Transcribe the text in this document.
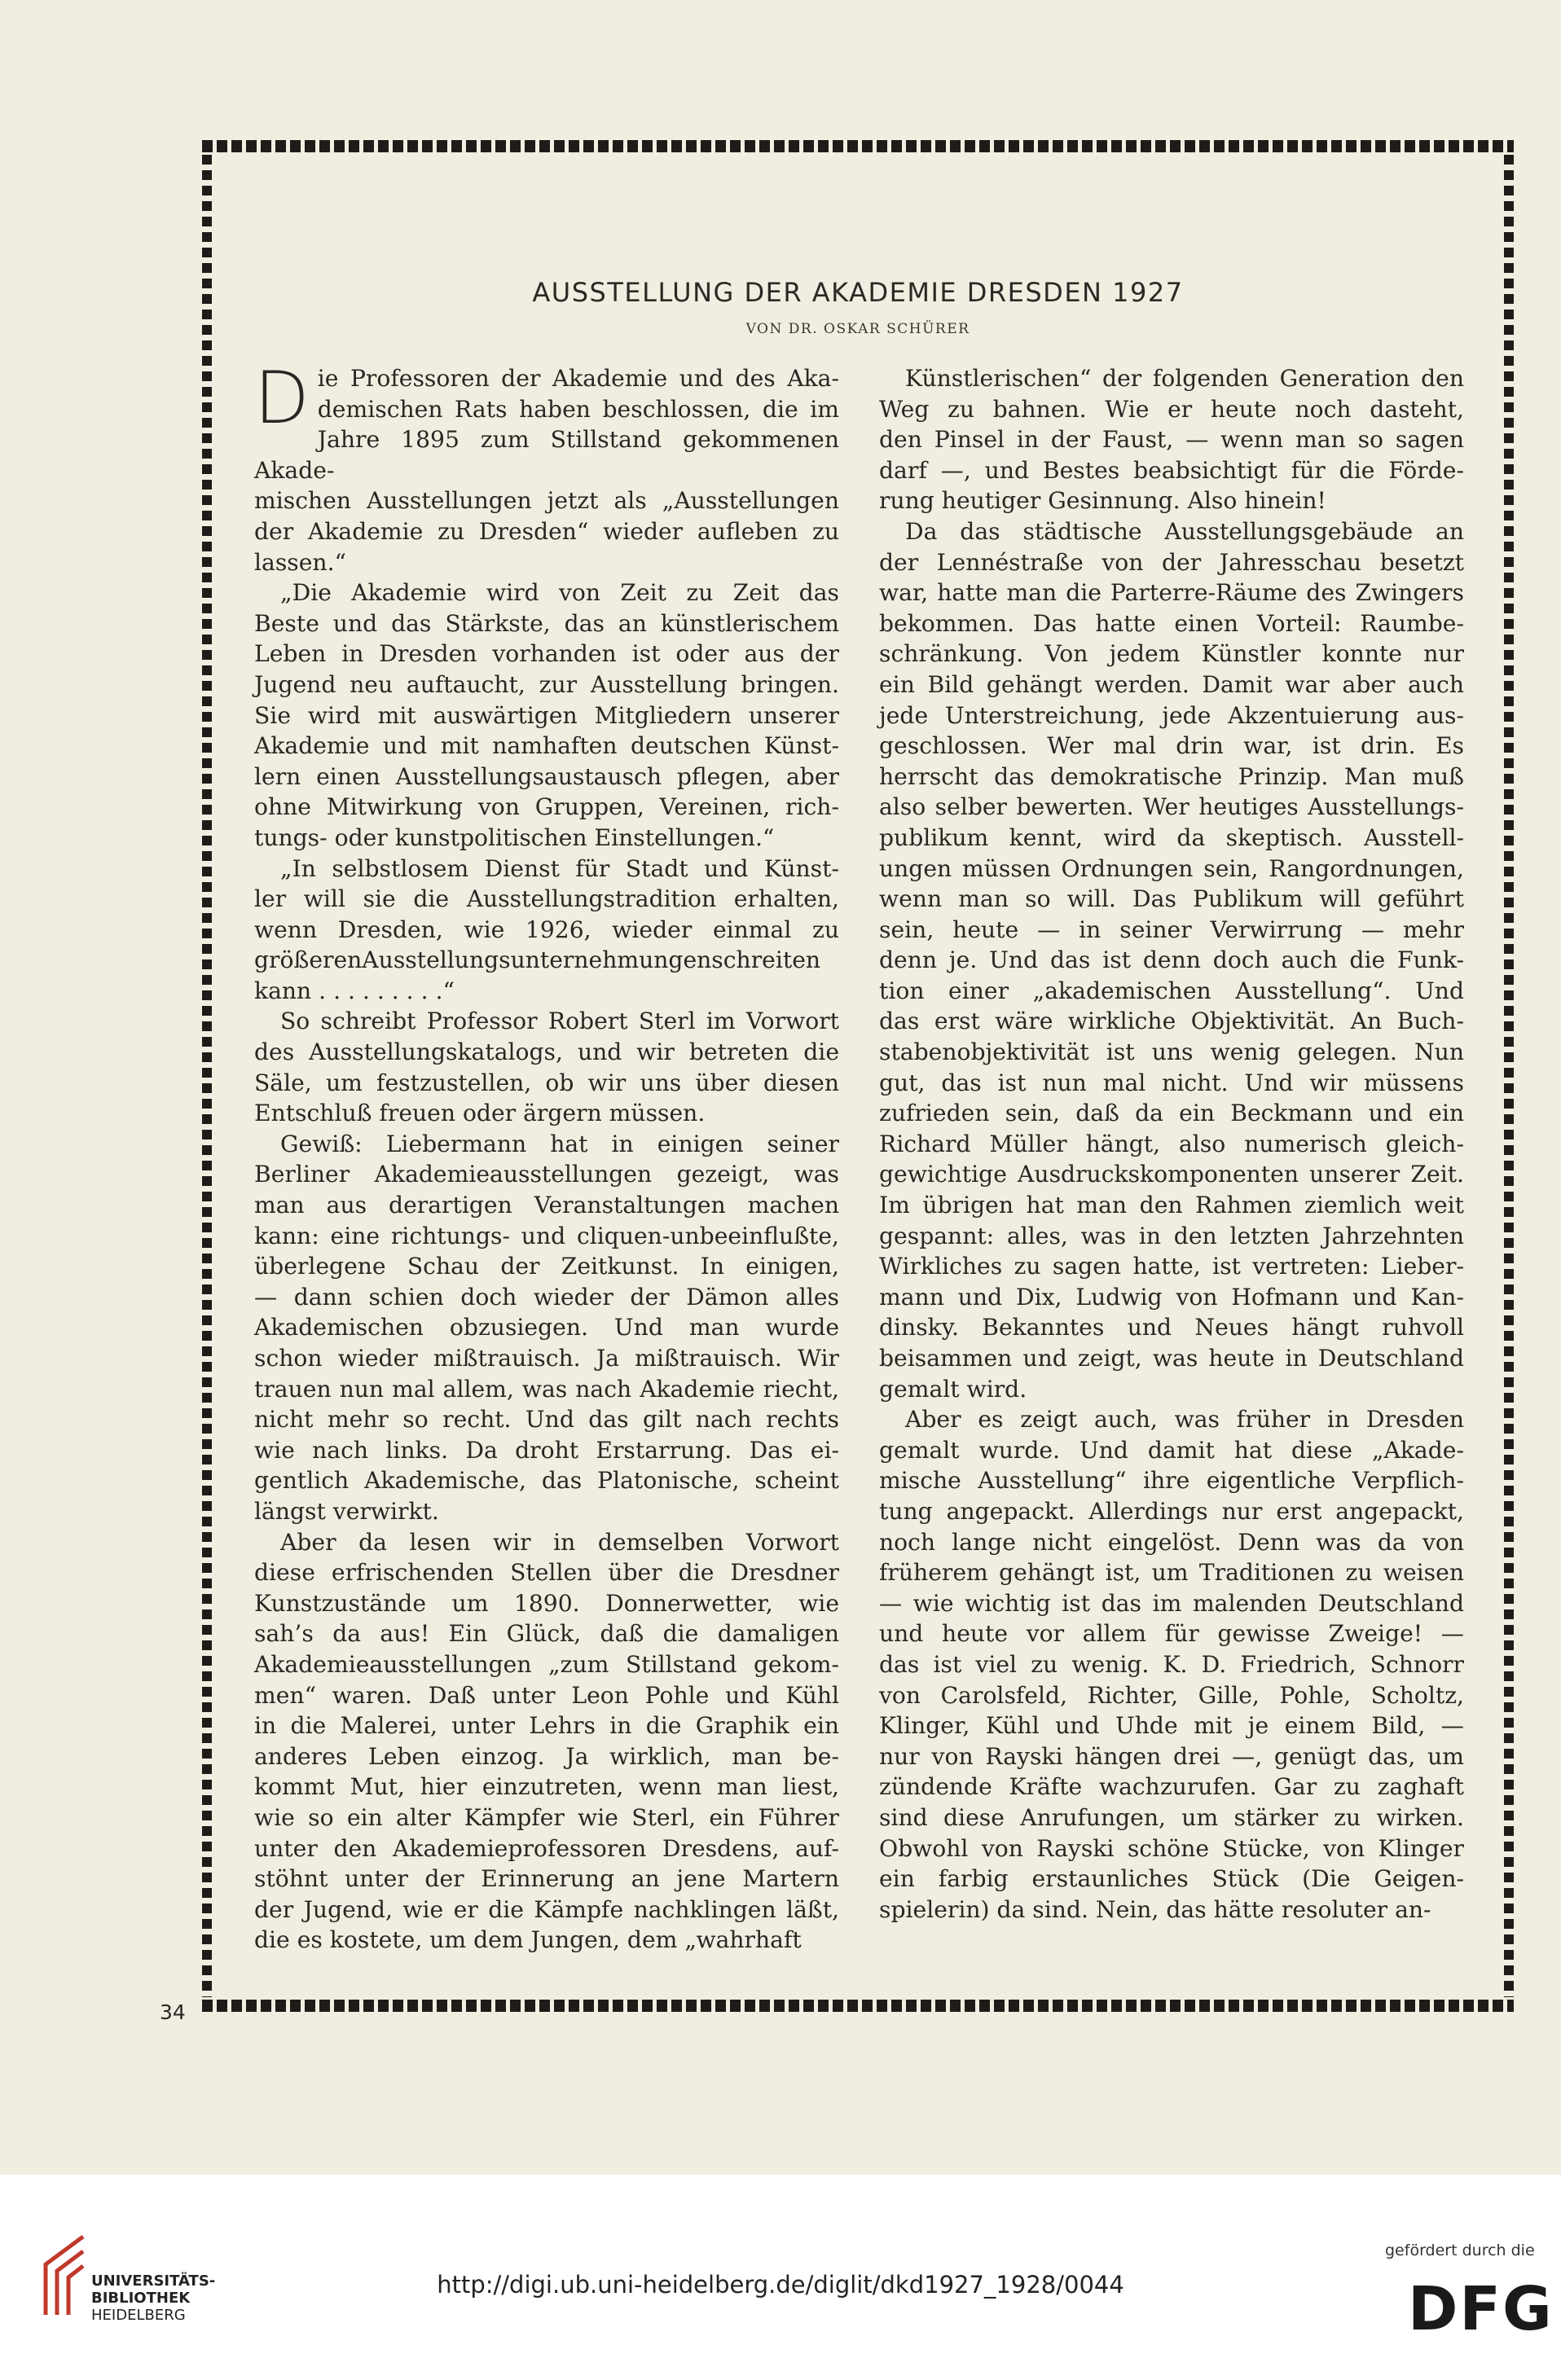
34
AUSSTELLUNG DER AKADEMIE DRESDEN 1927
VON DR. OSKAR SCHÜRER
D ie Professoren der Akademie und des Aka-
demischen Rats haben beschlossen, die im
Jahre 1895 zum Stillstand gekommenen Akade-
mischen Ausstellungen jetzt als „Ausstellungen
der Akademie zu Dresden“ wieder aufleben zu
lassen.“
„Die Akademie wird von Zeit zu Zeit das
Beste und das Stärkste, das an künstlerischem
Leben in Dresden vorhanden ist oder aus der
Jugend neu auftaucht, zur Ausstellung bringen.
Sie wird mit auswärtigen Mitgliedern unserer
Akademie und mit namhaften deutschen Künst-
lern einen Ausstellungsaustausch pflegen, aber
ohne Mitwirkung von Gruppen, Vereinen, rich-
tungs- oder kunstpolitischen Einstellungen.“
„In selbstlosem Dienst für Stadt und Künst-
ler will sie die Ausstellungstradition erhalten,
wenn Dresden, wie 1926, wieder einmal zu
größerenAusstellungsunternehmungenschreiten
kann . . . . . . . . .“
So schreibt Professor Robert Sterl im Vorwort
des Ausstellungskatalogs, und wir betreten die
Säle, um festzustellen, ob wir uns über diesen
Entschluß freuen oder ärgern müssen.
Gewiß: Liebermann hat in einigen seiner
Berliner Akademieausstellungen gezeigt, was
man aus derartigen Veranstaltungen machen
kann: eine richtungs- und cliquen-unbeeinflußte,
überlegene Schau der Zeitkunst. In einigen,
— dann schien doch wieder der Dämon alles
Akademischen obzusiegen. Und man wurde
schon wieder mißtrauisch. Ja mißtrauisch. Wir
trauen nun mal allem, was nach Akademie riecht,
nicht mehr so recht. Und das gilt nach rechts
wie nach links. Da droht Erstarrung. Das ei-
gentlich Akademische, das Platonische, scheint
längst verwirkt.
Aber da lesen wir in demselben Vorwort
diese erfrischenden Stellen über die Dresdner
Kunstzustände um 1890. Donnerwetter, wie
sah’s da aus! Ein Glück, daß die damaligen
Akademieausstellungen „zum Stillstand gekom-
men“ waren. Daß unter Leon Pohle und Kühl
in die Malerei, unter Lehrs in die Graphik ein
anderes Leben einzog. Ja wirklich, man be-
kommt Mut, hier einzutreten, wenn man liest,
wie so ein alter Kämpfer wie Sterl, ein Führer
unter den Akademieprofessoren Dresdens, auf-
stöhnt unter der Erinnerung an jene Martern
der Jugend, wie er die Kämpfe nachklingen läßt,
die es kostete, um dem Jungen, dem „wahrhaft
Künstlerischen“ der folgenden Generation den
Weg zu bahnen. Wie er heute noch dasteht,
den Pinsel in der Faust, — wenn man so sagen
darf —, und Bestes beabsichtigt für die Förde-
rung heutiger Gesinnung. Also hinein!
Da das städtische Ausstellungsgebäude an
der Lennéstraße von der Jahresschau besetzt
war, hatte man die Parterre-Räume des Zwingers
bekommen. Das hatte einen Vorteil: Raumbe-
schränkung. Von jedem Künstler konnte nur
ein Bild gehängt werden. Damit war aber auch
jede Unterstreichung, jede Akzentuierung aus-
geschlossen. Wer mal drin war, ist drin. Es
herrscht das demokratische Prinzip. Man muß
also selber bewerten. Wer heutiges Ausstellungs-
publikum kennt, wird da skeptisch. Ausstell-
ungen müssen Ordnungen sein, Rangordnungen,
wenn man so will. Das Publikum will geführt
sein, heute — in seiner Verwirrung — mehr
denn je. Und das ist denn doch auch die Funk-
tion einer „akademischen Ausstellung“. Und
das erst wäre wirkliche Objektivität. An Buch-
stabenobjektivität ist uns wenig gelegen. Nun
gut, das ist nun mal nicht. Und wir müssens
zufrieden sein, daß da ein Beckmann und ein
Richard Müller hängt, also numerisch gleich-
gewichtige Ausdruckskomponenten unserer Zeit.
Im übrigen hat man den Rahmen ziemlich weit
gespannt: alles, was in den letzten Jahrzehnten
Wirkliches zu sagen hatte, ist vertreten: Lieber-
mann und Dix, Ludwig von Hofmann und Kan-
dinsky. Bekanntes und Neues hängt ruhvoll
beisammen und zeigt, was heute in Deutschland
gemalt wird.
Aber es zeigt auch, was früher in Dresden
gemalt wurde. Und damit hat diese „Akade-
mische Ausstellung“ ihre eigentliche Verpflich-
tung angepackt. Allerdings nur erst angepackt,
noch lange nicht eingelöst. Denn was da von
früherem gehängt ist, um Traditionen zu weisen
— wie wichtig ist das im malenden Deutschland
und heute vor allem für gewisse Zweige! —
das ist viel zu wenig. K. D. Friedrich, Schnorr
von Carolsfeld, Richter, Gille, Pohle, Scholtz,
Klinger, Kühl und Uhde mit je einem Bild, —
nur von Rayski hängen drei —, genügt das, um
zündende Kräfte wachzurufen. Gar zu zaghaft
sind diese Anrufungen, um stärker zu wirken.
Obwohl von Rayski schöne Stücke, von Klinger
ein farbig erstaunliches Stück (Die Geigen-
spielerin) da sind. Nein, das hätte resoluter an-
UNIVERSITÄTS-
BIBLIOTHEK
HEIDELBERG
http://digi.ub.uni-heidelberg.de/diglit/dkd1927_1928/0044
gefördert durch die
DFG
